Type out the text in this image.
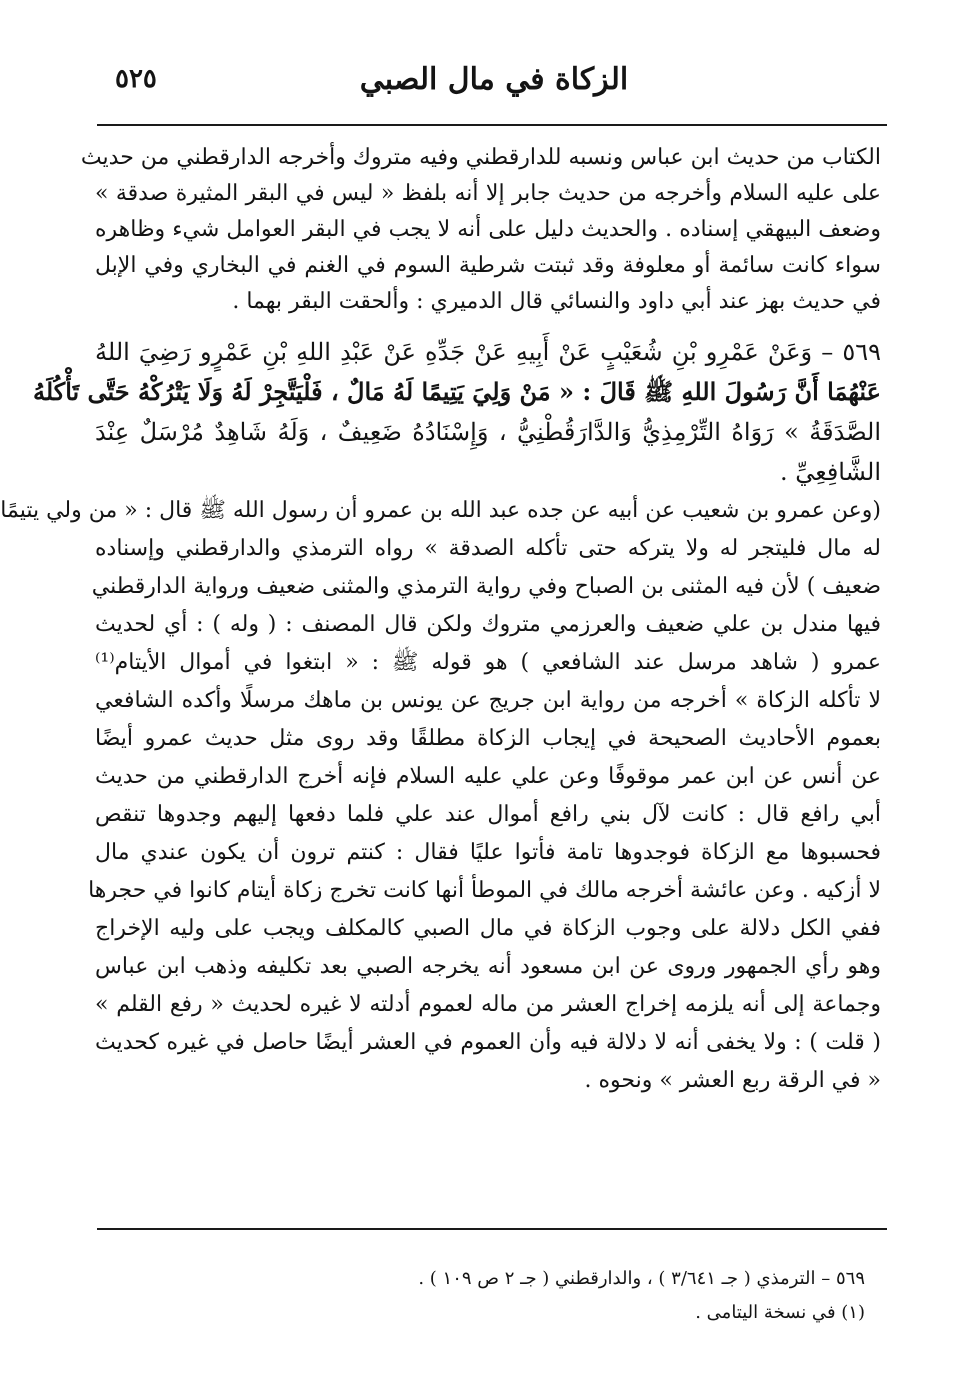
الزكاة في مال الصبي
٥٢٥
الكتاب من حديث ابن عباس ونسبه للدارقطني وفيه متروك وأخرجه الدارقطني من حديث
على عليه السلام وأخرجه من حديث جابر إلا أنه بلفظ « ليس في البقر المثيرة صدقة »
وضعف البيهقي إسناده . والحديث دليل على أنه لا يجب في البقر العوامل شيء وظاهره
سواء كانت سائمة أو معلوفة وقد ثبتت شرطية السوم في الغنم في البخاري وفي الإبل
في حديث بهز عند أبي داود والنسائي قال الدميري : وألحقت البقر بهما .
٥٦٩ – وَعَنْ عَمْرِو بْنِ شُعَيْبٍ عَنْ أَبِيهِ عَنْ جَدِّهِ عَنْ عَبْدِ اللهِ بْنِ عَمْرٍو رَضِيَ اللهُ
عَنْهُمَا أَنَّ رَسُولَ اللهِ ﷺ قَالَ : « مَنْ وَلِيَ يَتِيمًا لَهُ مَالٌ ، فَلْيَتَّجِرْ لَهُ وَلَا يَتْرُكْهُ حَتَّى تَأْكُلَهُ
الصَّدَقَةُ » رَوَاهُ التِّرْمِذِيُّ وَالدَّارَقُطْنِيُّ ، وَإِسْنَادُهُ ضَعِيفٌ ، وَلَهُ شَاهِدٌ مُرْسَلٌ عِنْدَ
الشَّافِعِيِّ .
(وعن عمرو بن شعيب عن أبيه عن جده عبد الله بن عمرو أن رسول الله ﷺ قال : « من ولي يتيمًا
له مال فليتجر له ولا يتركه حتى تأكله الصدقة » رواه الترمذي والدارقطني وإسناده
ضعيف ) لأن فيه المثنى بن الصباح وفي رواية الترمذي والمثنى ضعيف ورواية الدارقطني
فيها مندل بن علي ضعيف والعرزمي متروك ولكن قال المصنف : ( وله ) : أي لحديث
عمرو ( شاهد مرسل عند الشافعي ) هو قوله ﷺ : « ابتغوا في أموال الأيتام⁽¹⁾
لا تأكله الزكاة » أخرجه من رواية ابن جريج عن يونس بن ماهك مرسلًا وأكده الشافعي
بعموم الأحاديث الصحيحة في إيجاب الزكاة مطلقًا وقد روى مثل حديث عمرو أيضًا
عن أنس عن ابن عمر موقوفًا وعن علي عليه السلام فإنه أخرج الدارقطني من حديث
أبي رافع قال : كانت لآل بني رافع أموال عند علي فلما دفعها إليهم وجدوها تنقص
فحسبوها مع الزكاة فوجدوها تامة فأتوا عليًا فقال : كنتم ترون أن يكون عندي مال
لا أزكيه . وعن عائشة أخرجه مالك في الموطأ أنها كانت تخرج زكاة أيتام كانوا في حجرها
ففي الكل دلالة على وجوب الزكاة في مال الصبي كالمكلف ويجب على وليه الإخراج
وهو رأي الجمهور وروى عن ابن مسعود أنه يخرجه الصبي بعد تكليفه وذهب ابن عباس
وجماعة إلى أنه يلزمه إخراج العشر من ماله لعموم أدلته لا غيره لحديث « رفع القلم »
( قلت ) : ولا يخفى أنه لا دلالة فيه وأن العموم في العشر أيضًا حاصل في غيره كحديث
« في الرقة ربع العشر » ونحوه .
٥٦٩ – الترمذي ( جـ ٣/٦٤١ ) ، والدارقطني ( جـ ٢ ص ١٠٩ ) .
(١) في نسخة اليتامى .
